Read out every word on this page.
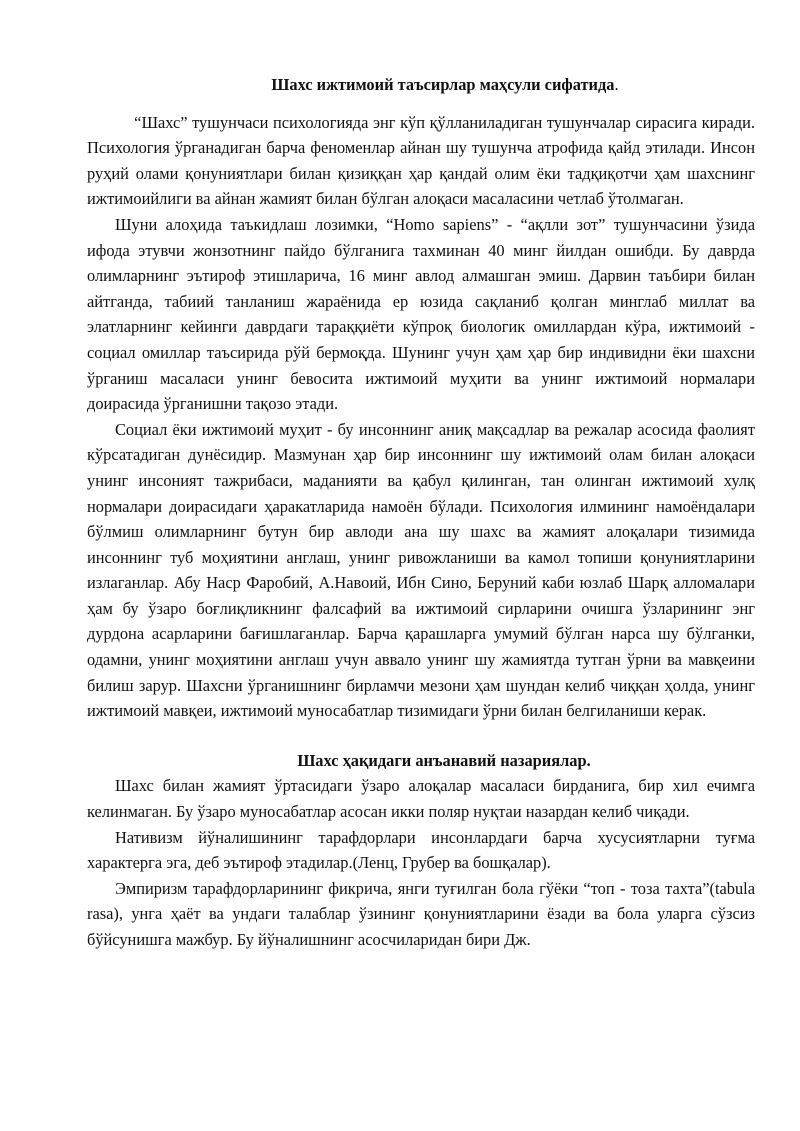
Шахс ижтимоий таъсирлар маҳсули сифатида.

“Шахс” тушунчаси психологияда энг кўп қўлланиладиган тушунчалар сирасига киради. Психология ўрганадиган барча феноменлар айнан шу тушунча атрофида қайд этилади. Инсон руҳий олами қонуниятлари билан қизиққан ҳар қандай олим ёки тадқиқотчи ҳам шахснинг ижтимоийлиги ва айнан жамият билан бўлган алоқаси масаласини четлаб ўтолмаган.

Шуни алоҳида таъкидлаш лозимки, “Homo sapiens” - “ақлли зот” тушунчасини ўзида ифода этувчи жонзотнинг пайдо бўлганига тахминан 40 минг йилдан ошибди. Бу даврда олимларнинг эътироф этишларича, 16 минг авлод алмашган эмиш. Дарвин таъбири билан айтганда, табиий танланиш жараёнида ер юзида сақланиб қолган минглаб миллат ва элатларнинг кейинги даврдаги тараққиёти кўпроқ биологик омиллардан кўра, ижтимоий - социал омиллар таъсирида рўй бермоқда. Шунинг учун ҳам ҳар бир индивидни ёки шахсни ўрганиш масаласи унинг бевосита ижтимоий муҳити ва унинг ижтимоий нормалари доирасида ўрганишни тақозо этади.

Социал ёки ижтимоий муҳит - бу инсоннинг аниқ мақсадлар ва режалар асосида фаолият кўрсатадиган дунёсидир. Мазмунан ҳар бир инсоннинг шу ижтимоий олам билан алоқаси унинг инсоният тажрибаси, маданияти ва қабул қилинган, тан олинган ижтимоий хулқ нормалари доирасидаги ҳаракатларида намоён бўлади. Психология илмининг намоёндалари бўлмиш олимларнинг бутун бир авлоди ана шу шахс ва жамият алоқалари тизимида инсоннинг туб моҳиятини англаш, унинг ривожланиши ва камол топиши қонуниятларини излаганлар. Абу Наср Фаробий, А.Навоий, Ибн Сино, Беруний каби юзлаб Шарқ алломалари ҳам бу ўзаро боғлиқликнинг фалсафий ва ижтимоий сирларини очишга ўзларининг энг дурдона асарларини бағишлаганлар. Барча қарашларга умумий бўлган нарса шу бўлганки, одамни, унинг моҳиятини англаш учун аввало унинг шу жамиятда тутган ўрни ва мавқеини билиш зарур. Шахсни ўрганишнинг бирламчи мезони ҳам шундан келиб чиққан ҳолда, унинг ижтимоий мавқеи, ижтимоий муносабатлар тизимидаги ўрни билан белгиланиши керак.

Шахс ҳақидаги анъанавий назариялар.

Шахс билан жамият ўртасидаги ўзаро алоқалар масаласи бирданига, бир хил ечимга келинмаган. Бу ўзаро муносабатлар асосан икки поляр нуқтаи назардан келиб чиқади.

Нативизм йўналишининг тарафдорлари инсонлардаги барча хусусиятларни туғма характерга эга, деб эътироф этадилар.(Ленц, Грубер ва бошқалар).

Эмпиризм тарафдорларининг фикрича, янги туғилган бола гўёки “топ - тоза тахта”(tabula rasa), унга ҳаёт ва ундаги талаблар ўзининг қонуниятларини ёзади ва бола уларга сўзсиз бўйсунишга мажбур. Бу йўналишнинг асосчиларидан бири Дж.
